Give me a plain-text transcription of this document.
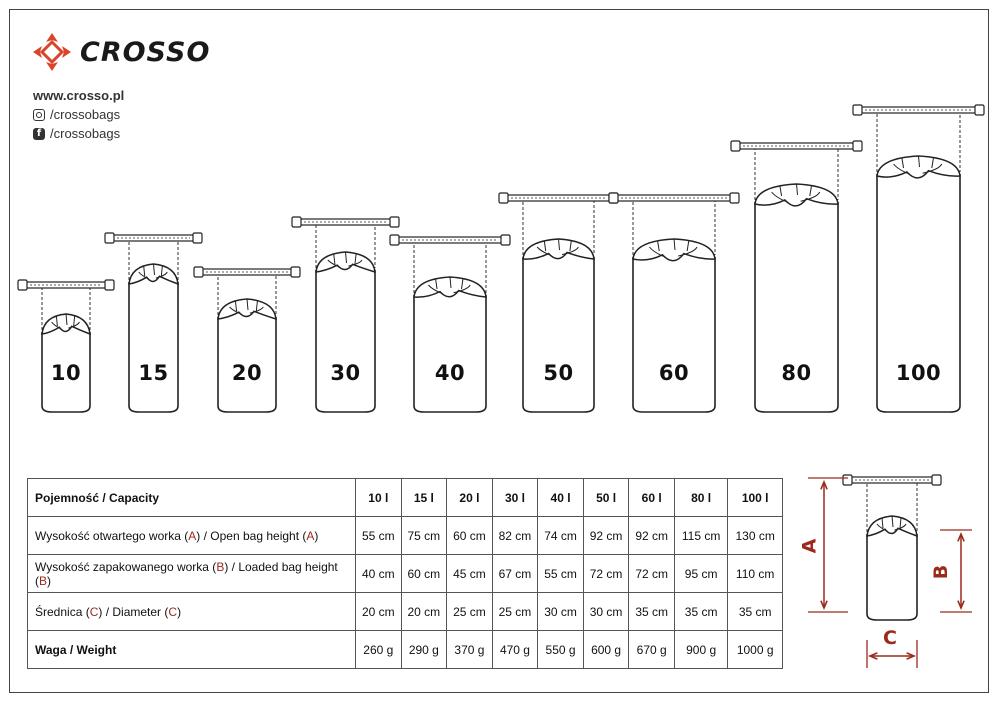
CROSSO
www.crosso.pl
/crossobags
f /crossobags
10	15	20	30	40	50	60	80	100
Pojemność / Capacity	10 l	15 l	20 l	30 l	40 l	50 l	60 l	80 l	100 l
Wysokość otwartego worka (A) / Open bag height (A)	55 cm	75 cm	60 cm	82 cm	74 cm	92 cm	92 cm	115 cm	130 cm
Wysokość zapakowanego worka (B) / Loaded bag height (B)	40 cm	60 cm	45 cm	67 cm	55 cm	72 cm	72 cm	95 cm	110 cm
Średnica (C) / Diameter (C)	20 cm	20 cm	25 cm	25 cm	30 cm	30 cm	35 cm	35 cm	35 cm
Waga / Weight	260 g	290 g	370 g	470 g	550 g	600 g	670 g	900 g	1000 g
A
B
C
